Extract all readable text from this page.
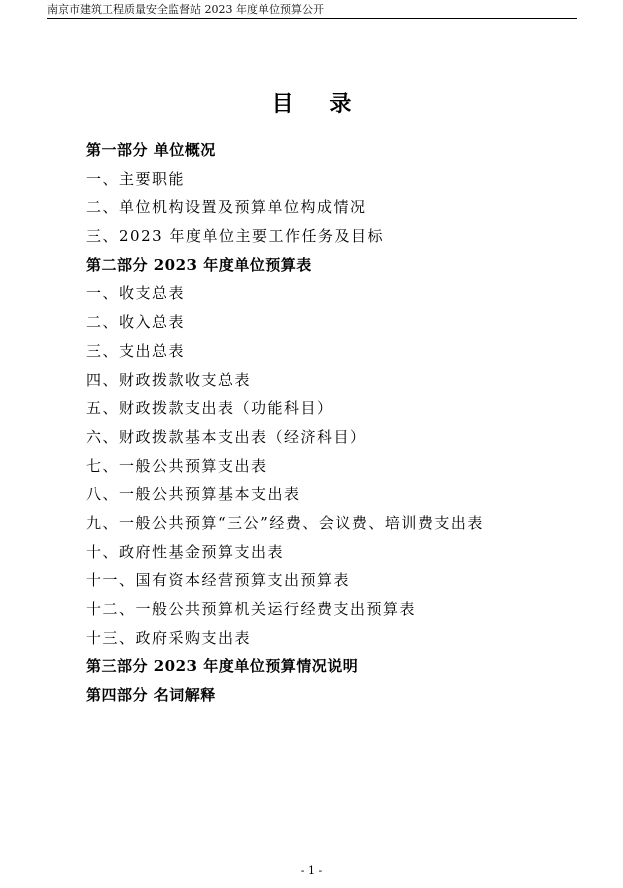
南京市建筑工程质量安全监督站 2023 年度单位预算公开
目 录
第一部分 单位概况
一、主要职能
二、单位机构设置及预算单位构成情况
三、2023 年度单位主要工作任务及目标
第二部分 2023 年度单位预算表
一、收支总表
二、收入总表
三、支出总表
四、财政拨款收支总表
五、财政拨款支出表（功能科目）
六、财政拨款基本支出表（经济科目）
七、一般公共预算支出表
八、一般公共预算基本支出表
九、一般公共预算“三公”经费、会议费、培训费支出表
十、政府性基金预算支出表
十一、国有资本经营预算支出预算表
十二、一般公共预算机关运行经费支出预算表
十三、政府采购支出表
第三部分 2023 年度单位预算情况说明
第四部分 名词解释
- 1 -
